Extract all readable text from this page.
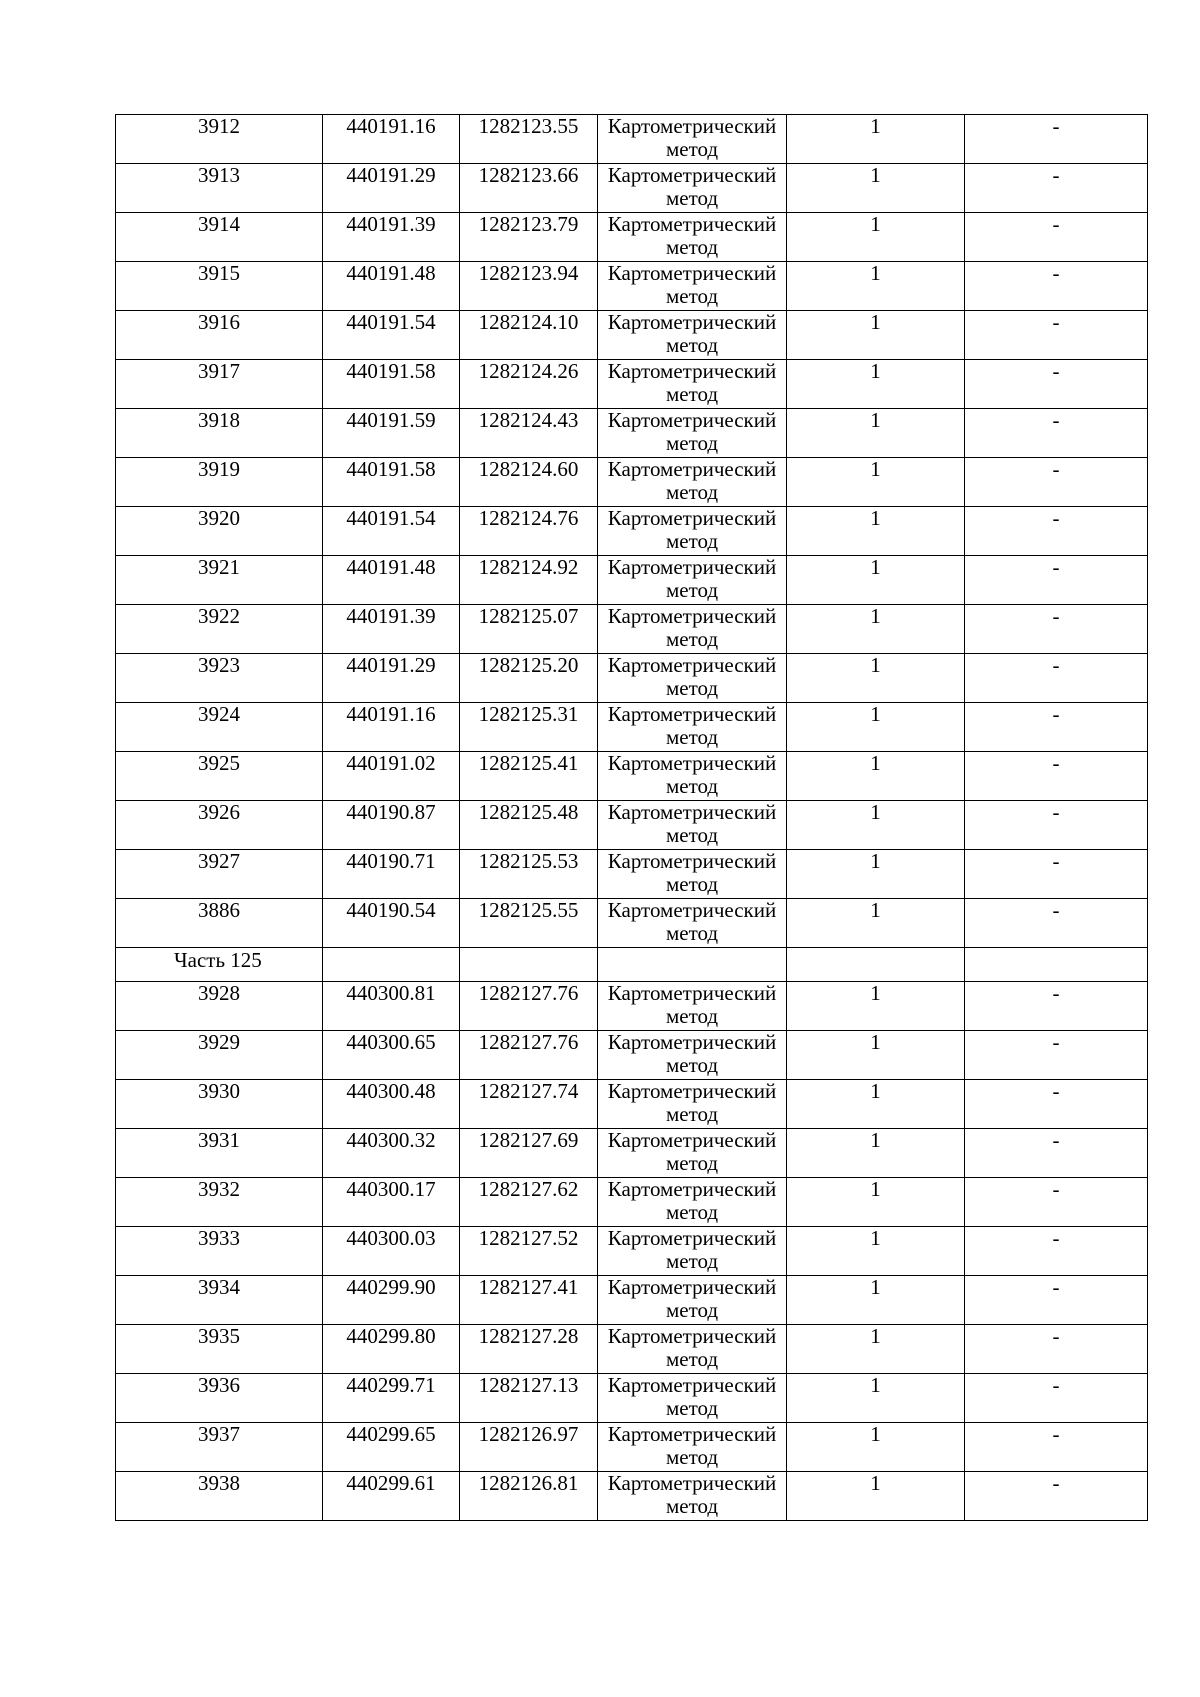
3912	440191.16	1282123.55	Картометрический
метод	1	-
3913	440191.29	1282123.66	Картометрический
метод	1	-
3914	440191.39	1282123.79	Картометрический
метод	1	-
3915	440191.48	1282123.94	Картометрический
метод	1	-
3916	440191.54	1282124.10	Картометрический
метод	1	-
3917	440191.58	1282124.26	Картометрический
метод	1	-
3918	440191.59	1282124.43	Картометрический
метод	1	-
3919	440191.58	1282124.60	Картометрический
метод	1	-
3920	440191.54	1282124.76	Картометрический
метод	1	-
3921	440191.48	1282124.92	Картометрический
метод	1	-
3922	440191.39	1282125.07	Картометрический
метод	1	-
3923	440191.29	1282125.20	Картометрический
метод	1	-
3924	440191.16	1282125.31	Картометрический
метод	1	-
3925	440191.02	1282125.41	Картометрический
метод	1	-
3926	440190.87	1282125.48	Картометрический
метод	1	-
3927	440190.71	1282125.53	Картометрический
метод	1	-
3886	440190.54	1282125.55	Картометрический
метод	1	-
Часть 125					
3928	440300.81	1282127.76	Картометрический
метод	1	-
3929	440300.65	1282127.76	Картометрический
метод	1	-
3930	440300.48	1282127.74	Картометрический
метод	1	-
3931	440300.32	1282127.69	Картометрический
метод	1	-
3932	440300.17	1282127.62	Картометрический
метод	1	-
3933	440300.03	1282127.52	Картометрический
метод	1	-
3934	440299.90	1282127.41	Картометрический
метод	1	-
3935	440299.80	1282127.28	Картометрический
метод	1	-
3936	440299.71	1282127.13	Картометрический
метод	1	-
3937	440299.65	1282126.97	Картометрический
метод	1	-
3938	440299.61	1282126.81	Картометрический
метод	1	-
